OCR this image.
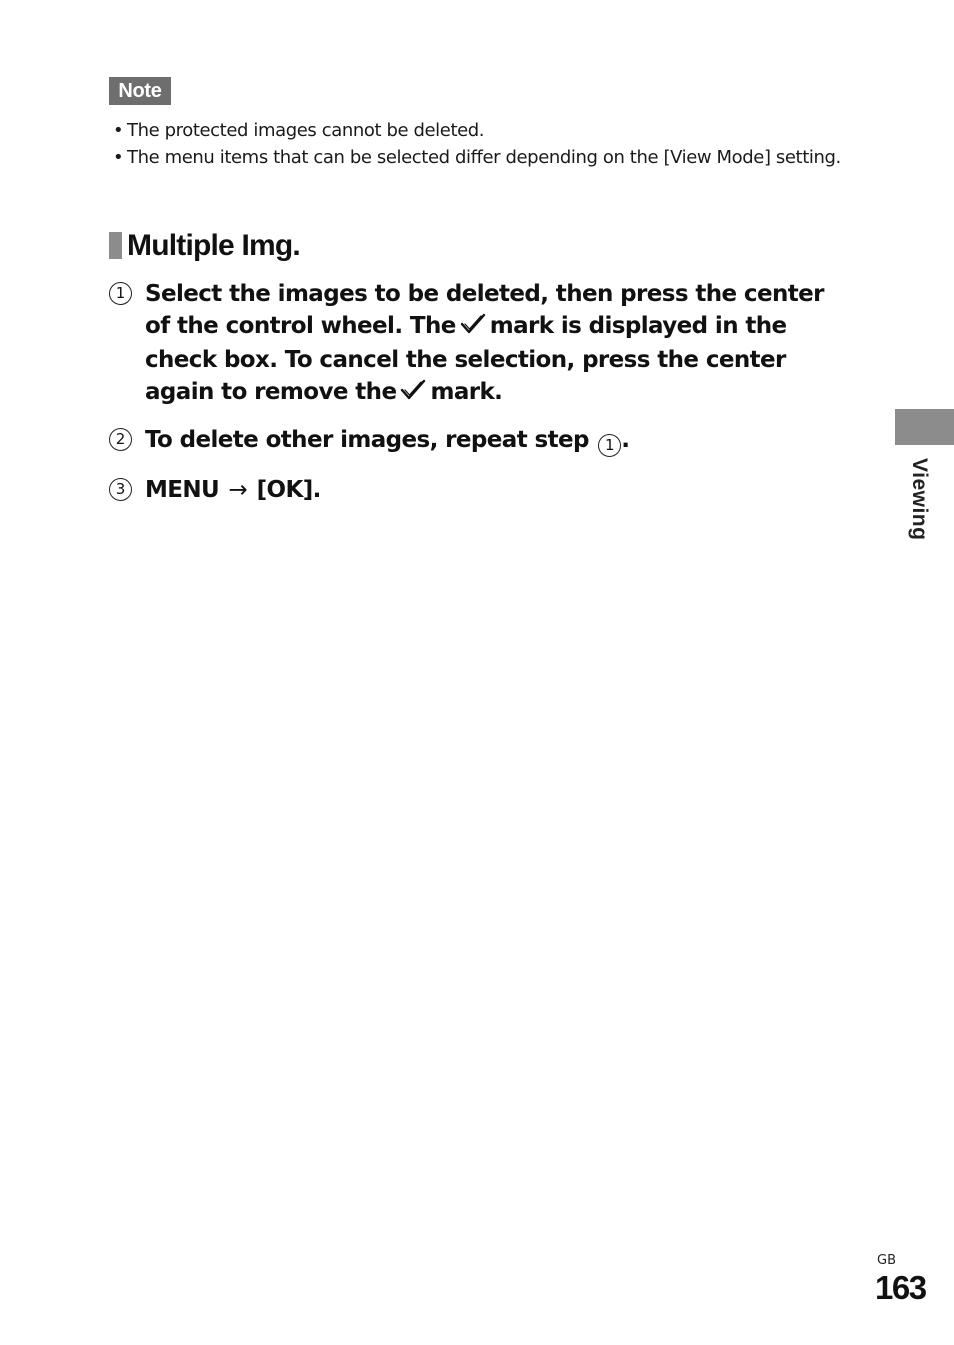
Note
• The protected images cannot be deleted.
• The menu items that can be selected differ depending on the [View Mode] setting.
Multiple Img.
1 Select the images to be deleted, then press the center of the control wheel. The mark is displayed in the check box. To cancel the selection, press the center again to remove the mark.
2 To delete other images, repeat step 1 .
3 MENU → [OK].	Viewing
GB
163
